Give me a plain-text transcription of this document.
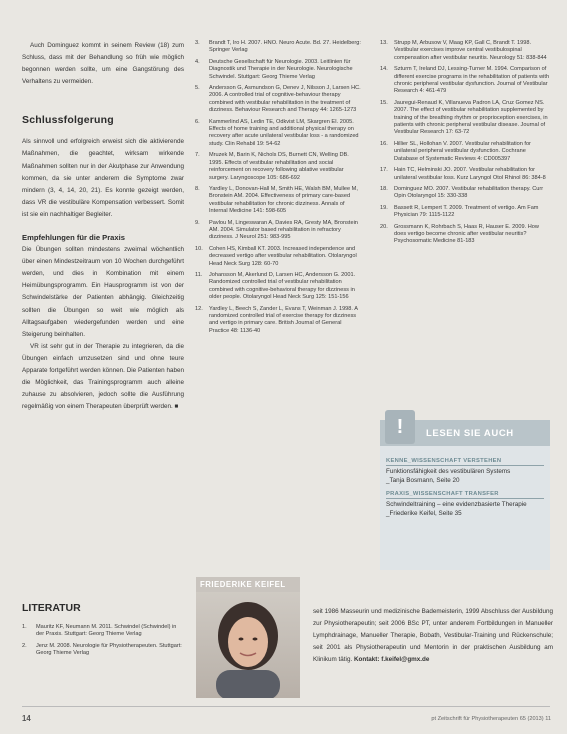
Auch Dominguez kommt in seinem Review (18) zum Schluss, dass mit der Behandlung so früh wie möglich begonnen werden sollte, um eine Gangstörung des Verhaltens zu vermeiden.

Schlussfolgerung

Als sinnvoll und erfolgreich erweist sich die aktivierende Maßnahmen, die geachtet, wirksam wirkende Maßnahmen sollten nur in der Akutphase zur Anwendung kommen, da sie unter anderem die Symptome zwar mindern (3, 4, 14, 20, 21). Es konnte gezeigt werden, dass VR die vestibuläre Kompensation verbessert. Somit ist sie ein nachhaltiger Begleiter.

Empfehlungen für die Praxis

Die Übungen sollten mindestens zweimal wöchentlich über einen Mindestzeitraum von 10 Wochen durchgeführt werden, und dies in Kombination mit einem Heimübungsprogramm. Ein Hausprogramm ist von der Schwindelstärke der Patienten abhängig. Gleichzeitig sollten die Übungen so weit wie möglich als Alltagsaufgaben wiedergefunden werden und eine Steigerung beinhalten.

VR ist sehr gut in der Therapie zu integrieren, da die Übungen einfach umzusetzen sind und ohne teure Apparate fortgeführt werden können. Die Patienten haben die Möglichkeit, das Trainingsprogramm auch alleine zuhause zu absolvieren, jedoch sollte die Ausführung regelmäßig von einem Therapeuten überprüft werden. ■

LITERATUR
1.	Mauritz KF, Neumann M. 2011. Schwindel (Schwindel) in der Praxis. Stuttgart: Georg Thieme Verlag
2.	Jenz M. 2008. Neurologie für Physiotherapeuten. Stuttgart: Georg Thieme Verlag
3.	Brandt T, Iro H. 2007. HNO. Neuro Acute. Bd. 27. Heidelberg: Springer Verlag
4.	Deutsche Gesellschaft für Neurologie. 2003. Leitlinien für Diagnostik und Therapie in der Neurologie. Neurologische Schwindel. Stuttgart: Georg Thieme Verlag
5.	Andersson G, Asmundson G, Denev J, Nilsson J, Larsen HC. 2006. A controlled trial of cognitive-behaviour therapy combined with vestibular rehabilitation in the treatment of dizziness. Behaviour Research and Therapy 44: 1265-1273
6.	Kammerlind AS, Ledin TE, Odkvist LM, Skargren EI. 2005. Effects of home training and additional physical therapy on recovery after acute unilateral vestibular loss - a randomized study. Clin Rehabil 19: 54-62
7.	Mruzek M, Barin K, Nichols DS, Burnett CN, Welling DB. 1995. Effects of vestibular rehabilitation and social reinforcement on recovery following ablative vestibular surgery. Laryngoscope 105: 686-692
8.	Yardley L, Donovan-Hall M, Smith HE, Walsh BM, Mullee M, Bronstein AM. 2004. Effectiveness of primary care-based vestibular rehabilitation for chronic dizziness. Annals of Internal Medicine 141: 598-605
9.	Pavlou M, Lingeswaran A, Davies RA, Gresty MA, Bronstein AM. 2004. Simulator based rehabilitation in refractory dizziness. J Neurol 251: 983-995
10.	Cohen HS, Kimball KT. 2003. Increased independence and decreased vertigo after vestibular rehabilitation. Otolaryngol Head Neck Surg 128: 60-70
11.	Johansson M, Akerlund D, Larsen HC, Andersson G. 2001. Randomized controlled trial of vestibular rehabilitation combined with cognitive-behavioral therapy for dizziness in older people. Otolaryngol Head Neck Surg 125: 151-156
12.	Yardley L, Beech S, Zander L, Evans T, Weinman J. 1998. A randomized controlled trial of exercise therapy for dizziness and vertigo in primary care. British Journal of General Practice 48: 1136-40
13.	Strupp M, Arbusow V, Maag KP, Gall C, Brandt T. 1998. Vestibular exercises improve central vestibulospinal compensation after vestibular neuritis. Neurology 51: 838-844
14.	Szturm T, Ireland DJ, Lessing-Turner M. 1994. Comparison of different exercise programs in the rehabilitation of patients with chronic peripheral vestibular dysfunction. Journal of Vestibular Research 4: 461-479
15.	Jauregui-Renaud K, Villanueva Padron LA, Cruz Gomez NS. 2007. The effect of vestibular rehabilitation supplemented by training of the breathing rhythm or proprioception exercises, in patients with chronic peripheral vestibular disease. Journal of Vestibular Research 17: 63-72
16.	Hillier SL, Hollohan V. 2007. Vestibular rehabilitation for unilateral peripheral vestibular dysfunction. Cochrane Database of Systematic Reviews 4: CD005397
17.	Hain TC, Helminski JO. 2007. Vestibular rehabilitation for unilateral vestibular loss. Kurz Laryngol Otol Rhinol 86: 384-8
18.	Dominguez MO. 2007. Vestibular rehabilitation therapy. Curr Opin Otolaryngol 15: 330-338
19.	Bassett R, Lempert T. 2009. Treatment of vertigo. Am Fam Physician 79: 1115-1122
20.	Grossmann K, Rohrbach S, Haas R, Hauser E. 2009. How does vertigo become chronic after vestibular neuritis? Psychosomatic Medicine 81-183
!	LESEN SIE AUCH
KENNE_WISSENSCHAFT VERSTEHEN
Funktionsfähigkeit des vestibulären Systems
_Tanja Bosmann, Seite 20
PRAXIS_WISSENSCHAFT TRANSFER
Schwindeltraining – eine evidenzbasierte Therapie
_Friederike Keifel, Seite 35
FRIEDERIKE KEIFEL
seit 1986 Masseurin und medizinische Bademeisterin, 1999 Abschluss der Ausbildung zur Physiotherapeutin; seit 2006 BSc PT, unter anderem Fortbildungen in Manueller Lymphdrainage, Manueller Therapie, Bobath, Vestibular-Training und Rückenschule; seit 2001 als Physiotherapeutin und Mentorin in der praktischen Ausbildung am Klinikum tätig. Kontakt: f.keifel@gmx.de
14	pt Zeitschrift für Physiotherapeuten 65 (2013) 11
